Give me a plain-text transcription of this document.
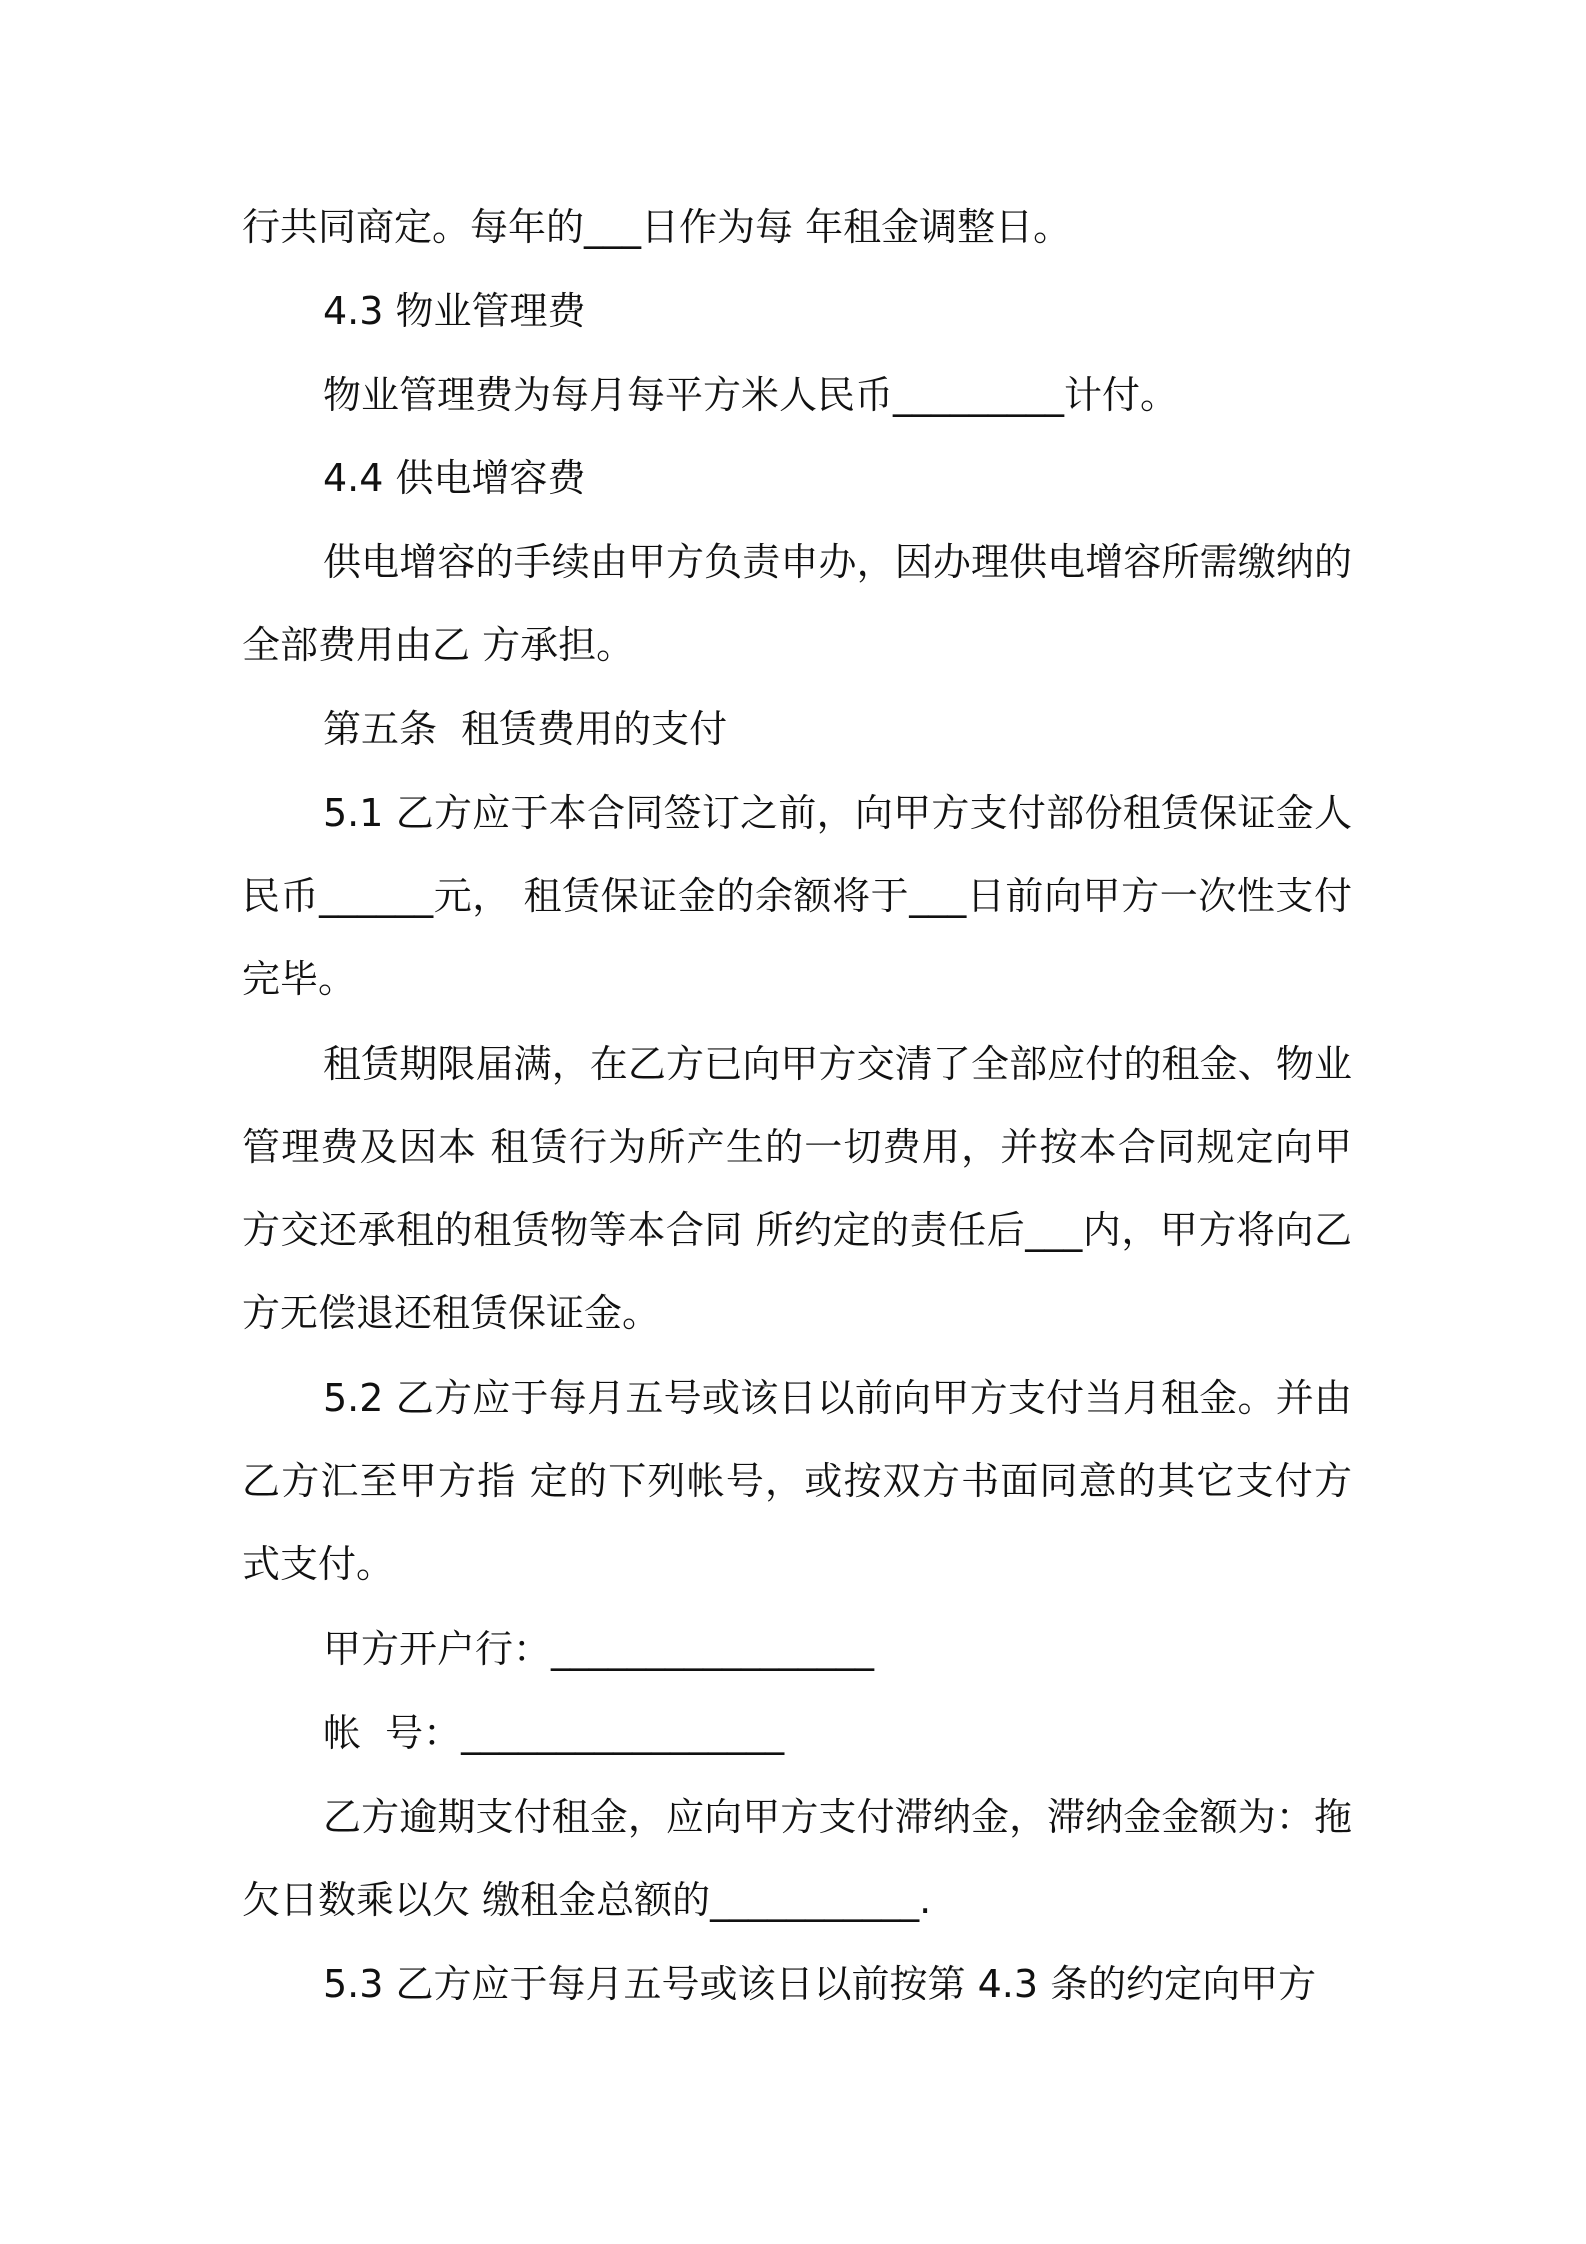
行共同商定。每年的___日作为每 年租金调整日。

4.3 物业管理费

物业管理费为每月每平方米人民币_________计付。

4.4 供电增容费

供电增容的手续由甲方负责申办，因办理供电增容所需缴纳的全部费用由乙 方承担。

第五条  租赁费用的支付

5.1 乙方应于本合同签订之前，向甲方支付部份租赁保证金人民币______元， 租赁保证金的余额将于___日前向甲方一次性支付完毕。

租赁期限届满，在乙方已向甲方交清了全部应付的租金、物业管理费及因本 租赁行为所产生的一切费用，并按本合同规定向甲方交还承租的租赁物等本合同 所约定的责任后___内，甲方将向乙方无偿退还租赁保证金。

5.2 乙方应于每月五号或该日以前向甲方支付当月租金。并由乙方汇至甲方指 定的下列帐号，或按双方书面同意的其它支付方式支付。

甲方开户行：_________________

帐  号：_________________

乙方逾期支付租金，应向甲方支付滞纳金，滞纳金金额为：拖欠日数乘以欠 缴租金总额的___________.

5.3 乙方应于每月五号或该日以前按第 4.3 条的约定向甲方
